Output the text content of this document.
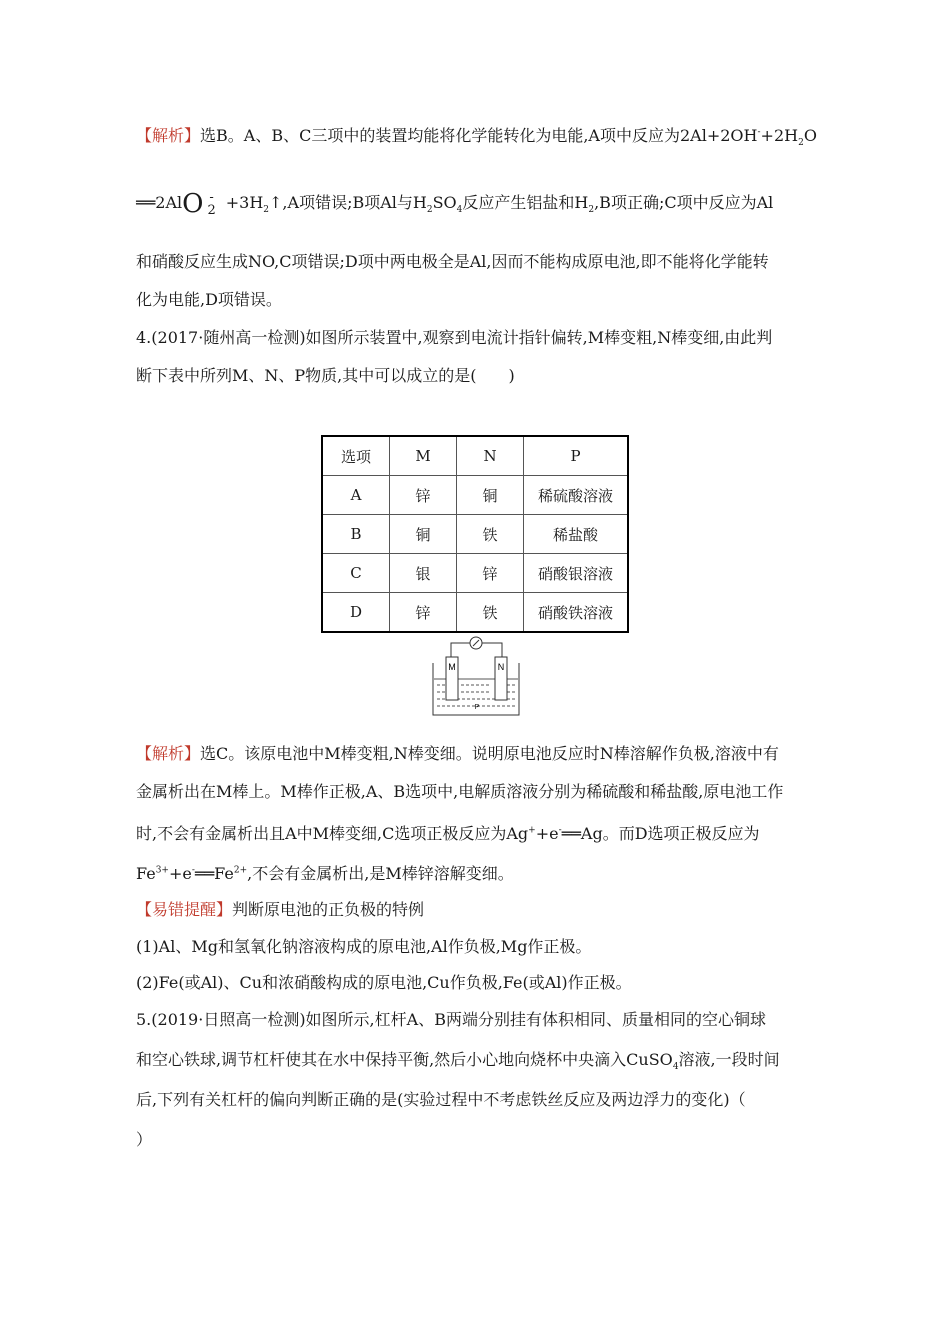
【解析】选B。A、B、C三项中的装置均能将化学能转化为电能,A项中反应为$2Al+2OH^-+2H_2O$
══2AlO -
$2 +3H_2↑,A$项错误;B项Al与$H_2SO_4$反应产生铝盐和$H_2,B$项正确;C项中反应为Al
和硝酸反应生成NO,C项错误;D项中两电极全是Al,因而不能构成原电池,即不能将化学能转
化为电能,D项错误。
4.(2017·随州高一检测)如图所示装置中,观察到电流计指针偏转,M棒变粗,N棒变细,由此判
断下表中所列M、N、P物质,其中可以成立的是(　　)
选项	M	N	P
A	锌	铜	稀硫酸溶液
B	铜	铁	稀盐酸
C	银	锌	硝酸银溶液
D	锌	铁	硝酸铁溶液
M	N
P
【解析】选C。该原电池中M棒变粗,N棒变细。说明原电池反应时N棒溶解作负极,溶液中有
金属析出在M棒上。M棒作正极,A、B选项中,电解质溶液分别为稀硫酸和稀盐酸,原电池工作
时,不会有金属析出且A中M棒变细,C选项正极反应为Ag++e-══Ag。而D选项正极反应为
$Fe^{3+}+e^-══Fe^{2+}$,不会有金属析出,是M棒锌溶解变细。
【易错提醒】判断原电池的正负极的特例
(1)Al、Mg和氢氧化钠溶液构成的原电池,Al作负极,Mg作正极。
(2)Fe(或Al)、Cu和浓硝酸构成的原电池,Cu作负极,Fe(或Al)作正极。
5.(2019·日照高一检测)如图所示,杠杆A、B两端分别挂有体积相同、质量相同的空心铜球
和空心铁球,调节杠杆使其在水中保持平衡,然后小心地向烧杯中央滴入CuSO$_4$溶液,一段时间
后,下列有关杠杆的偏向判断正确的是(实验过程中不考虑铁丝反应及两边浮力的变化)（
）
